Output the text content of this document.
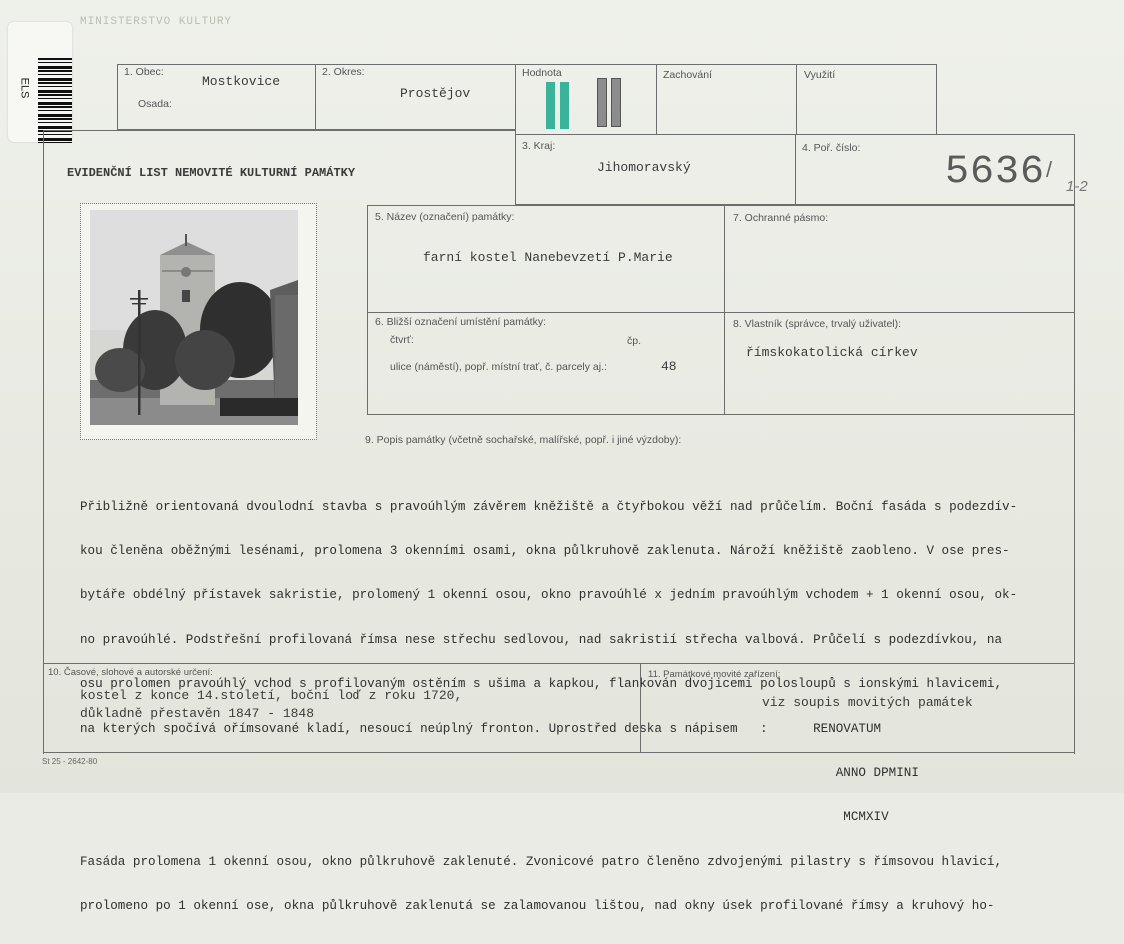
MINISTERSTVO KULTURY
ELS
1. Obec:
Mostkovice
Osada:
2. Okres:
Prostějov
Hodnota	Zachování	Využití
EVIDENČNÍ LIST NEMOVITÉ KULTURNÍ PAMÁTKY
3. Kraj:
Jihomoravský
4. Poř. číslo:
5636 /
1-2
5. Název (označení) památky:
farní kostel Nanebevzetí P.Marie
7. Ochranné pásmo:
6. Bližší označení umístění památky:
čtvrť:	čp.
ulice (náměstí), popř. místní trať, č. parcely aj.:	48
8. Vlastník (správce, trvalý uživatel):
římskokatolická církev
9. Popis památky (včetně sochařské, malířské, popř. i jiné výzdoby):

Přibližně orientovaná dvoulodní stavba s pravoúhlým závěrem kněžiště a čtyřbokou věží nad průčelím. Boční fasáda s podezdív-

kou členěna oběžnými lesénami, prolomena 3 okenními osami, okna půlkruhově zaklenuta. Nároží kněžiště zaobleno. V ose pres-

bytáře obdélný přístavek sakristie, prolomený 1 okenní osou, okno pravoúhlé x jedním pravoúhlým vchodem + 1 okenní osou, ok-

no pravoúhlé. Podstřešní profilovaná římsa nese střechu sedlovou, nad sakristií střecha valbová. Průčelí s podezdívkou, na

osu prolomen pravoúhlý vchod s profilovaným ostěním s ušima a kapkou, flankován dvojicemi polosloupů s ionskými hlavicemi,

na kterých spočívá ořímsované kladí, nesoucí neúplný fronton. Uprostřed deska s nápisem   :      RENOVATUM

ANNO DPMINI

MCMXIV

Fasáda prolomena 1 okenní osou, okno půlkruhově zaklenuté. Zvonicové patro členěno zdvojenými pilastry s římsovou hlavicí,

prolomeno po 1 okenní ose, okna půlkruhově zaklenutá se zalamovanou lištou, nad okny úsek profilované římsy a kruhový ho-

10. Časové, slohové a autorské určení:
kostel z konce 14.století, boční loď z roku 1720,
důkladně přestavěn 1847 - 1848
11. Památkové movité zařízení:
viz soupis movitých památek
St 25 - 2642-80
